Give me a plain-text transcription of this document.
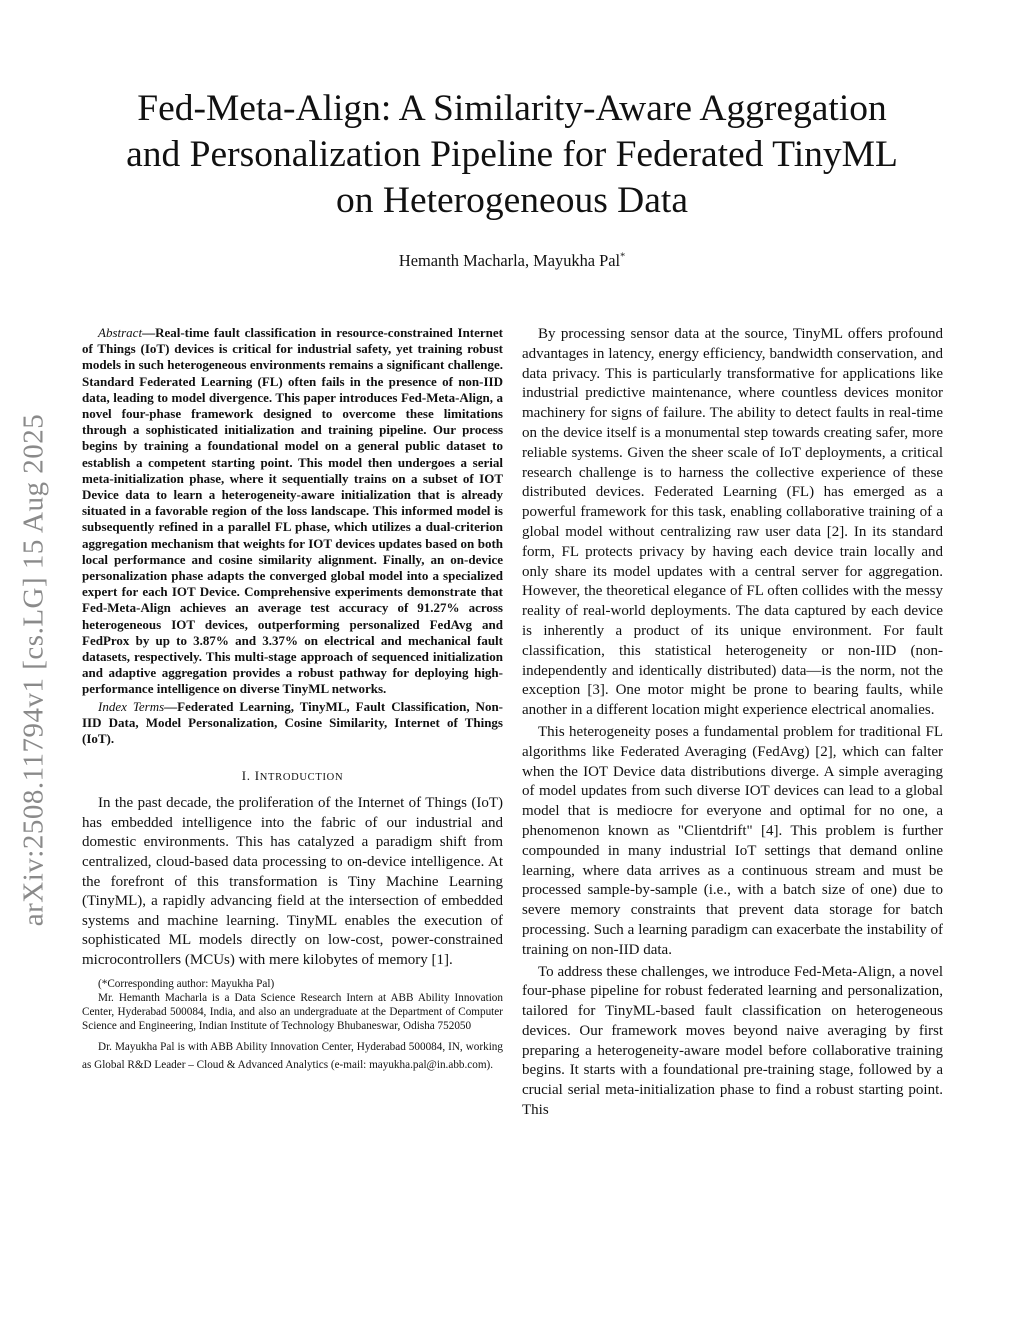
arXiv:2508.11794v1 [cs.LG] 15 Aug 2025
Fed-Meta-Align: A Similarity-Aware Aggregation
and Personalization Pipeline for Federated TinyML
on Heterogeneous Data
Hemanth Macharla, Mayukha Pal*

Abstract—Real-time fault classification in resource-constrained Internet of Things (IoT) devices is critical for industrial safety, yet training robust models in such heterogeneous environments remains a significant challenge. Standard Federated Learning (FL) often fails in the presence of non-IID data, leading to model divergence. This paper introduces Fed-Meta-Align, a novel four-phase framework designed to overcome these limitations through a sophisticated initialization and training pipeline. Our process begins by training a foundational model on a general public dataset to establish a competent starting point. This model then undergoes a serial meta-initialization phase, where it sequentially trains on a subset of IOT Device data to learn a heterogeneity-aware initialization that is already situated in a favorable region of the loss landscape. This informed model is subsequently refined in a parallel FL phase, which utilizes a dual-criterion aggregation mechanism that weights for IOT devices updates based on both local performance and cosine similarity alignment. Finally, an on-device personalization phase adapts the converged global model into a specialized expert for each IOT Device. Comprehensive experiments demonstrate that Fed-Meta-Align achieves an average test accuracy of 91.27% across heterogeneous IOT devices, outperforming personalized FedAvg and FedProx by up to 3.87% and 3.37% on electrical and mechanical fault datasets, respectively. This multi-stage approach of sequenced initialization and adaptive aggregation provides a robust pathway for deploying high-performance intelligence on diverse TinyML networks.

Index Terms—Federated Learning, TinyML, Fault Classification, Non-IID Data, Model Personalization, Cosine Similarity, Internet of Things (IoT).

I. INTRODUCTION

In the past decade, the proliferation of the Internet of Things (IoT) has embedded intelligence into the fabric of our industrial and domestic environments. This has catalyzed a paradigm shift from centralized, cloud-based data processing to on-device intelligence. At the forefront of this transformation is Tiny Machine Learning (TinyML), a rapidly advancing field at the intersection of embedded systems and machine learning. TinyML enables the execution of sophisticated ML models directly on low-cost, power-constrained microcontrollers (MCUs) with mere kilobytes of memory [1].

(*Corresponding author: Mayukha Pal)

Mr. Hemanth Macharla is a Data Science Research Intern at ABB Ability Innovation Center, Hyderabad 500084, India, and also an undergraduate at the Department of Computer Science and Engineering, Indian Institute of Technology Bhubaneswar, Odisha 752050

Dr. Mayukha Pal is with ABB Ability Innovation Center, Hyderabad 500084, IN, working as Global R&D Leader – Cloud & Advanced Analytics (e-mail: mayukha.pal@in.abb.com).

By processing sensor data at the source, TinyML offers profound advantages in latency, energy efficiency, bandwidth conservation, and data privacy. This is particularly transformative for applications like industrial predictive maintenance, where countless devices monitor machinery for signs of failure. The ability to detect faults in real-time on the device itself is a monumental step towards creating safer, more reliable systems. Given the sheer scale of IoT deployments, a critical research challenge is to harness the collective experience of these distributed devices. Federated Learning (FL) has emerged as a powerful framework for this task, enabling collaborative training of a global model without centralizing raw user data [2]. In its standard form, FL protects privacy by having each device train locally and only share its model updates with a central server for aggregation. However, the theoretical elegance of FL often collides with the messy reality of real-world deployments. The data captured by each device is inherently a product of its unique environment. For fault classification, this statistical heterogeneity or non-IID (non-independently and identically distributed) data—is the norm, not the exception [3]. One motor might be prone to bearing faults, while another in a different location might experience electrical anomalies.

This heterogeneity poses a fundamental problem for traditional FL algorithms like Federated Averaging (FedAvg) [2], which can falter when the IOT Device data distributions diverge. A simple averaging of model updates from such diverse IOT devices can lead to a global model that is mediocre for everyone and optimal for no one, a phenomenon known as "Clientdrift" [4]. This problem is further compounded in many industrial IoT settings that demand online learning, where data arrives as a continuous stream and must be processed sample-by-sample (i.e., with a batch size of one) due to severe memory constraints that prevent data storage for batch processing. Such a learning paradigm can exacerbate the instability of training on non-IID data.

To address these challenges, we introduce Fed-Meta-Align, a novel four-phase pipeline for robust federated learning and personalization, tailored for TinyML-based fault classification on heterogeneous devices. Our framework moves beyond naive averaging by first preparing a heterogeneity-aware model before collaborative training begins. It starts with a foundational pre-training stage, followed by a crucial serial meta-initialization phase to find a robust starting point. This
